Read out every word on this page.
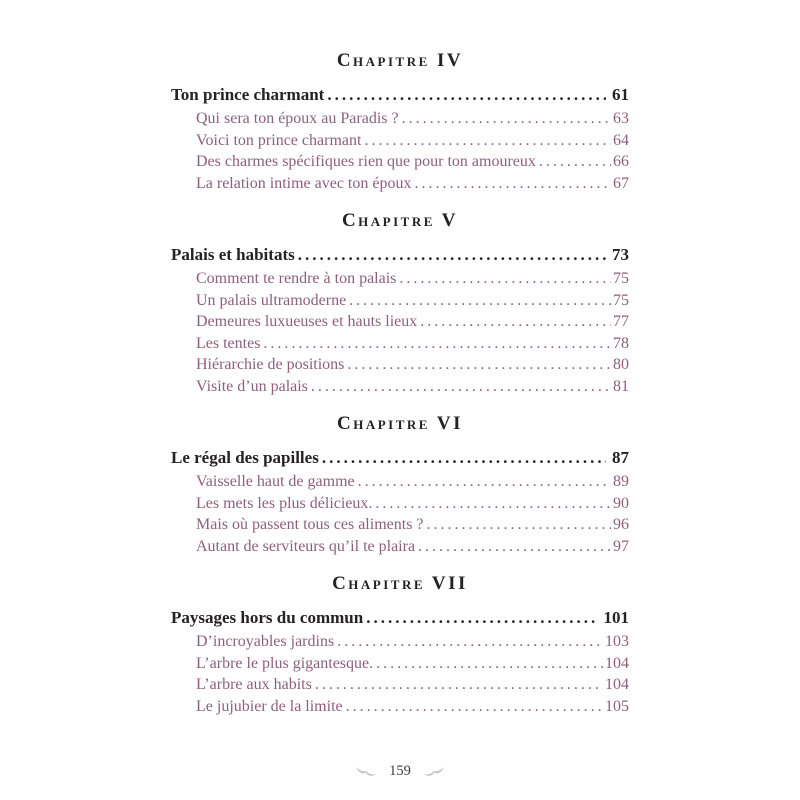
Chapitre IV
Ton prince charmant .....	61
Qui sera ton époux au Paradis ? .....	63
Voici ton prince charmant .....	64
Des charmes spécifiques rien que pour ton amoureux .....	66
La relation intime avec ton époux .....	67
Chapitre V
Palais et habitats .....	73
Comment te rendre à ton palais .....	75
Un palais ultramoderne .....	75
Demeures luxueuses et hauts lieux .....	77
Les tentes .....	78
Hiérarchie de positions .....	80
Visite d’un palais .....	81
Chapitre VI
Le régal des papilles .....	87
Vaisselle haut de gamme .....	89
Les mets les plus délicieux. .....	90
Mais où passent tous ces aliments ? .....	96
Autant de serviteurs qu’il te plaira .....	97
Chapitre VII
Paysages hors du commun .....	101
D’incroyables jardins .....	103
L’arbre le plus gigantesque. .....	104
L’arbre aux habits .....	104
Le jujubier de la limite .....	105
159
